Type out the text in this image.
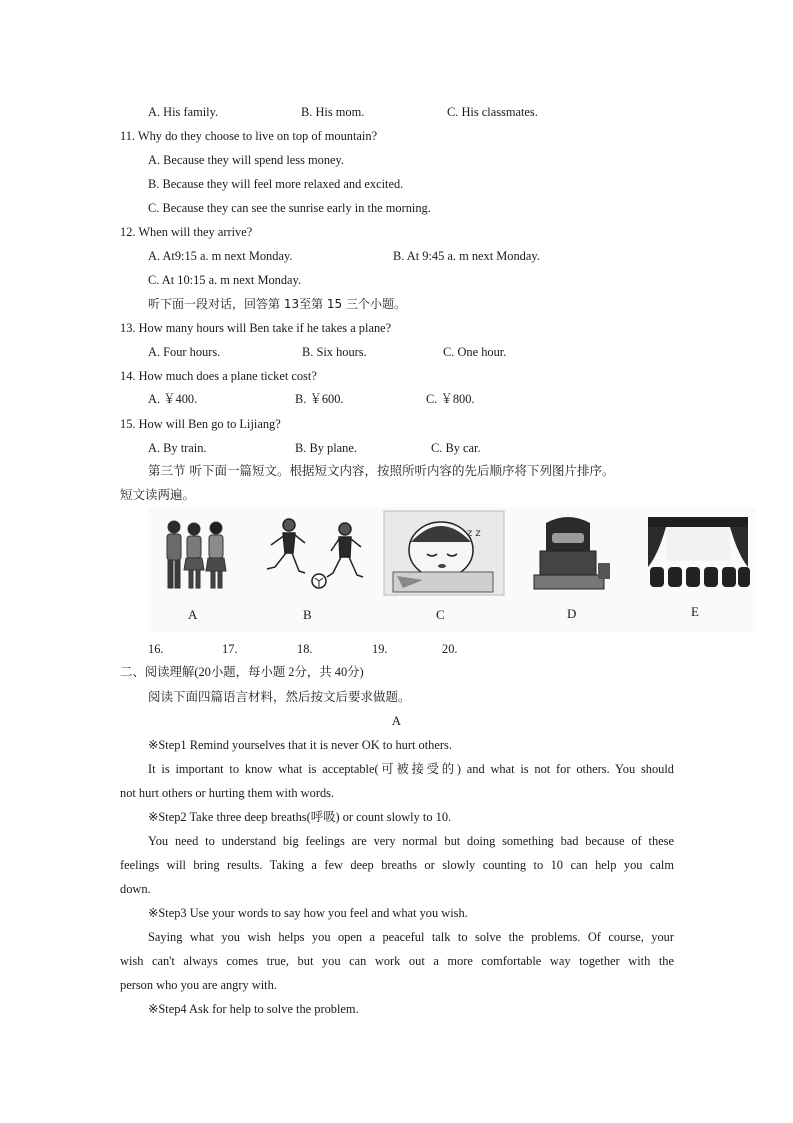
A. His family.	B. His mom.	C. His classmates.
11. Why do they choose to live on top of mountain?
A. Because they will spend less money.
B. Because they will feel more relaxed and excited.
C. Because they can see the sunrise early in the morning.
12. When will they arrive?
A. At9:15 a. m next Monday.	B. At 9:45 a. m next Monday.
C. At 10:15 a. m next Monday.
听下面一段对话，回答第 13至第 15 三个小题。
13. How many hours will Ben take if he takes a plane?
A. Four hours.	B. Six hours.	C. One hour.
14. How much does a plane ticket cost?
A. ￥400.	B. ￥600.	C. ￥800.
15. How will Ben go to Lijiang?
A. By train.	B. By plane.	C. By car.
第三节 听下面一篇短文。根据短文内容，按照所听内容的先后顺序将下列图片排序。
短文读两遍。
z z
A	B	C	D	E
16.	17.	18.	19.	20.
二、阅读理解(20小题，每小题 2分，共 40分)
阅读下面四篇语言材料，然后按文后要求做题。
A
※Step1 Remind yourselves that it is never OK to hurt others.
It is important to know what is acceptable(可被接受的) and what is not for others. You should
not hurt others or hurting them with words.
※Step2 Take three deep breaths(呼吸) or count slowly to 10.
You need to understand big feelings are very normal but doing something bad because of these
feelings will bring results. Taking a few deep breaths or slowly counting to 10 can help you calm
down.
※Step3 Use your words to say how you feel and what you wish.
Saying what you wish helps you open a peaceful talk to solve the problems. Of course, your
wish can't always comes true, but you can work out a more comfortable way together with the
person who you are angry with.
※Step4 Ask for help to solve the problem.
